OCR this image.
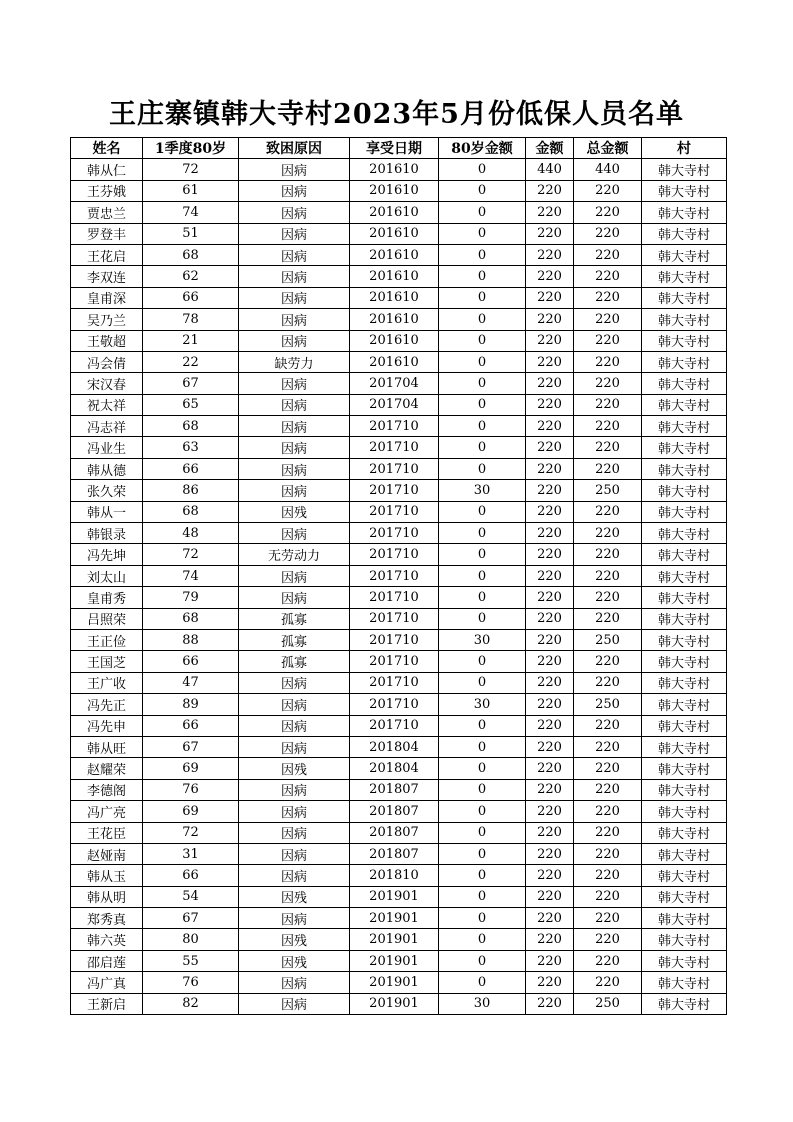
王庄寨镇韩大寺村2023年5月份低保人员名单
姓名	1季度80岁	致困原因	享受日期	80岁金额	金额	总金额	村
韩从仁	72	因病	201610	0	440	440	韩大寺村
王芬娥	61	因病	201610	0	220	220	韩大寺村
贾忠兰	74	因病	201610	0	220	220	韩大寺村
罗登丰	51	因病	201610	0	220	220	韩大寺村
王花启	68	因病	201610	0	220	220	韩大寺村
李双连	62	因病	201610	0	220	220	韩大寺村
皇甫深	66	因病	201610	0	220	220	韩大寺村
吴乃兰	78	因病	201610	0	220	220	韩大寺村
王敬超	21	因病	201610	0	220	220	韩大寺村
冯会倩	22	缺劳力	201610	0	220	220	韩大寺村
宋汉春	67	因病	201704	0	220	220	韩大寺村
祝太祥	65	因病	201704	0	220	220	韩大寺村
冯志祥	68	因病	201710	0	220	220	韩大寺村
冯业生	63	因病	201710	0	220	220	韩大寺村
韩从德	66	因病	201710	0	220	220	韩大寺村
张久荣	86	因病	201710	30	220	250	韩大寺村
韩从一	68	因残	201710	0	220	220	韩大寺村
韩银录	48	因病	201710	0	220	220	韩大寺村
冯先坤	72	无劳动力	201710	0	220	220	韩大寺村
刘太山	74	因病	201710	0	220	220	韩大寺村
皇甫秀	79	因病	201710	0	220	220	韩大寺村
吕照荣	68	孤寡	201710	0	220	220	韩大寺村
王正俭	88	孤寡	201710	30	220	250	韩大寺村
王国芝	66	孤寡	201710	0	220	220	韩大寺村
王广收	47	因病	201710	0	220	220	韩大寺村
冯先正	89	因病	201710	30	220	250	韩大寺村
冯先申	66	因病	201710	0	220	220	韩大寺村
韩从旺	67	因病	201804	0	220	220	韩大寺村
赵耀荣	69	因残	201804	0	220	220	韩大寺村
李德阁	76	因病	201807	0	220	220	韩大寺村
冯广亮	69	因病	201807	0	220	220	韩大寺村
王花臣	72	因病	201807	0	220	220	韩大寺村
赵娅南	31	因病	201807	0	220	220	韩大寺村
韩从玉	66	因病	201810	0	220	220	韩大寺村
韩从明	54	因残	201901	0	220	220	韩大寺村
郑秀真	67	因病	201901	0	220	220	韩大寺村
韩六英	80	因残	201901	0	220	220	韩大寺村
邵启莲	55	因残	201901	0	220	220	韩大寺村
冯广真	76	因病	201901	0	220	220	韩大寺村
王新启	82	因病	201901	30	220	250	韩大寺村
